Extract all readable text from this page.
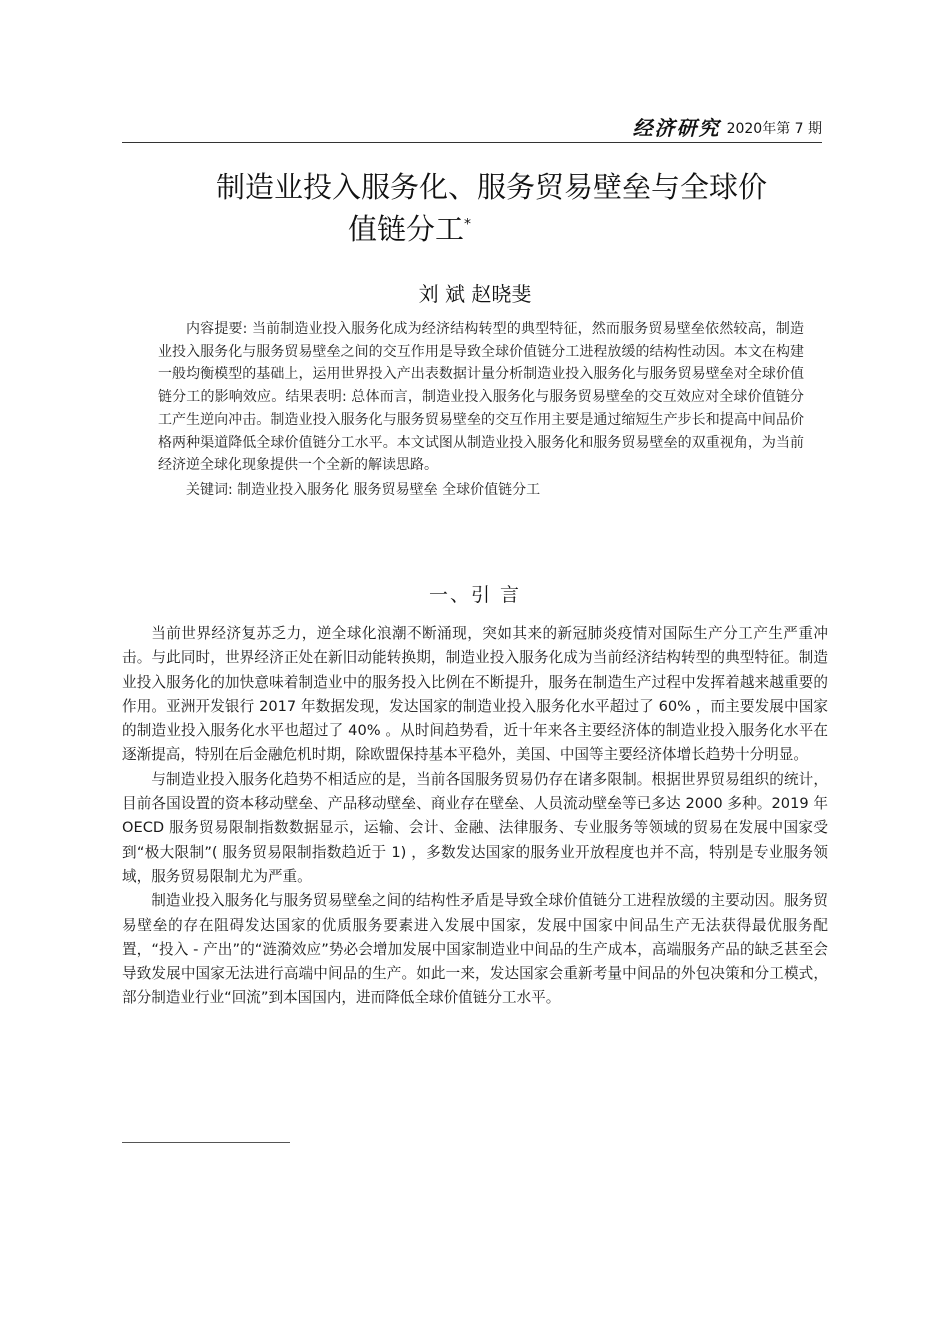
经济研究 2020年第 7 期
制造业投入服务化、服务贸易壁垒与全球价
值链分工*
刘 斌 赵晓斐

内容提要: 当前制造业投入服务化成为经济结构转型的典型特征，然而服务贸易壁垒依然较高，制造业投入服务化与服务贸易壁垒之间的交互作用是导致全球价值链分工进程放缓的结构性动因。本文在构建一般均衡模型的基础上，运用世界投入产出表数据计量分析制造业投入服务化与服务贸易壁垒对全球价值链分工的影响效应。结果表明: 总体而言，制造业投入服务化与服务贸易壁垒的交互效应对全球价值链分工产生逆向冲击。制造业投入服务化与服务贸易壁垒的交互作用主要是通过缩短生产步长和提高中间品价格两种渠道降低全球价值链分工水平。本文试图从制造业投入服务化和服务贸易壁垒的双重视角，为当前经济逆全球化现象提供一个全新的解读思路。

关键词: 制造业投入服务化 服务贸易壁垒 全球价值链分工

一、引 言

当前世界经济复苏乏力，逆全球化浪潮不断涌现，突如其来的新冠肺炎疫情对国际生产分工产生严重冲击。与此同时，世界经济正处在新旧动能转换期，制造业投入服务化成为当前经济结构转型的典型特征。制造业投入服务化的加快意味着制造业中的服务投入比例在不断提升，服务在制造生产过程中发挥着越来越重要的作用。亚洲开发银行 2017 年数据发现，发达国家的制造业投入服务化水平超过了 60% ，而主要发展中国家的制造业投入服务化水平也超过了 40% 。从时间趋势看，近十年来各主要经济体的制造业投入服务化水平在逐渐提高，特别在后金融危机时期，除欧盟保持基本平稳外，美国、中国等主要经济体增长趋势十分明显。

与制造业投入服务化趋势不相适应的是，当前各国服务贸易仍存在诸多限制。根据世界贸易组织的统计，目前各国设置的资本移动壁垒、产品移动壁垒、商业存在壁垒、人员流动壁垒等已多达 2000 多种。2019 年 OECD 服务贸易限制指数数据显示，运输、会计、金融、法律服务、专业服务等领域的贸易在发展中国家受到“极大限制”( 服务贸易限制指数趋近于 1) ，多数发达国家的服务业开放程度也并不高，特别是专业服务领域，服务贸易限制尤为严重。

制造业投入服务化与服务贸易壁垒之间的结构性矛盾是导致全球价值链分工进程放缓的主要动因。服务贸易壁垒的存在阻碍发达国家的优质服务要素进入发展中国家，发展中国家中间品生产无法获得最优服务配置，“投入 - 产出”的“涟漪效应”势必会增加发展中国家制造业中间品的生产成本，高端服务产品的缺乏甚至会导致发展中国家无法进行高端中间品的生产。如此一来，发达国家会重新考量中间品的外包决策和分工模式，部分制造业行业“回流”到本国国内，进而降低全球价值链分工水平。
